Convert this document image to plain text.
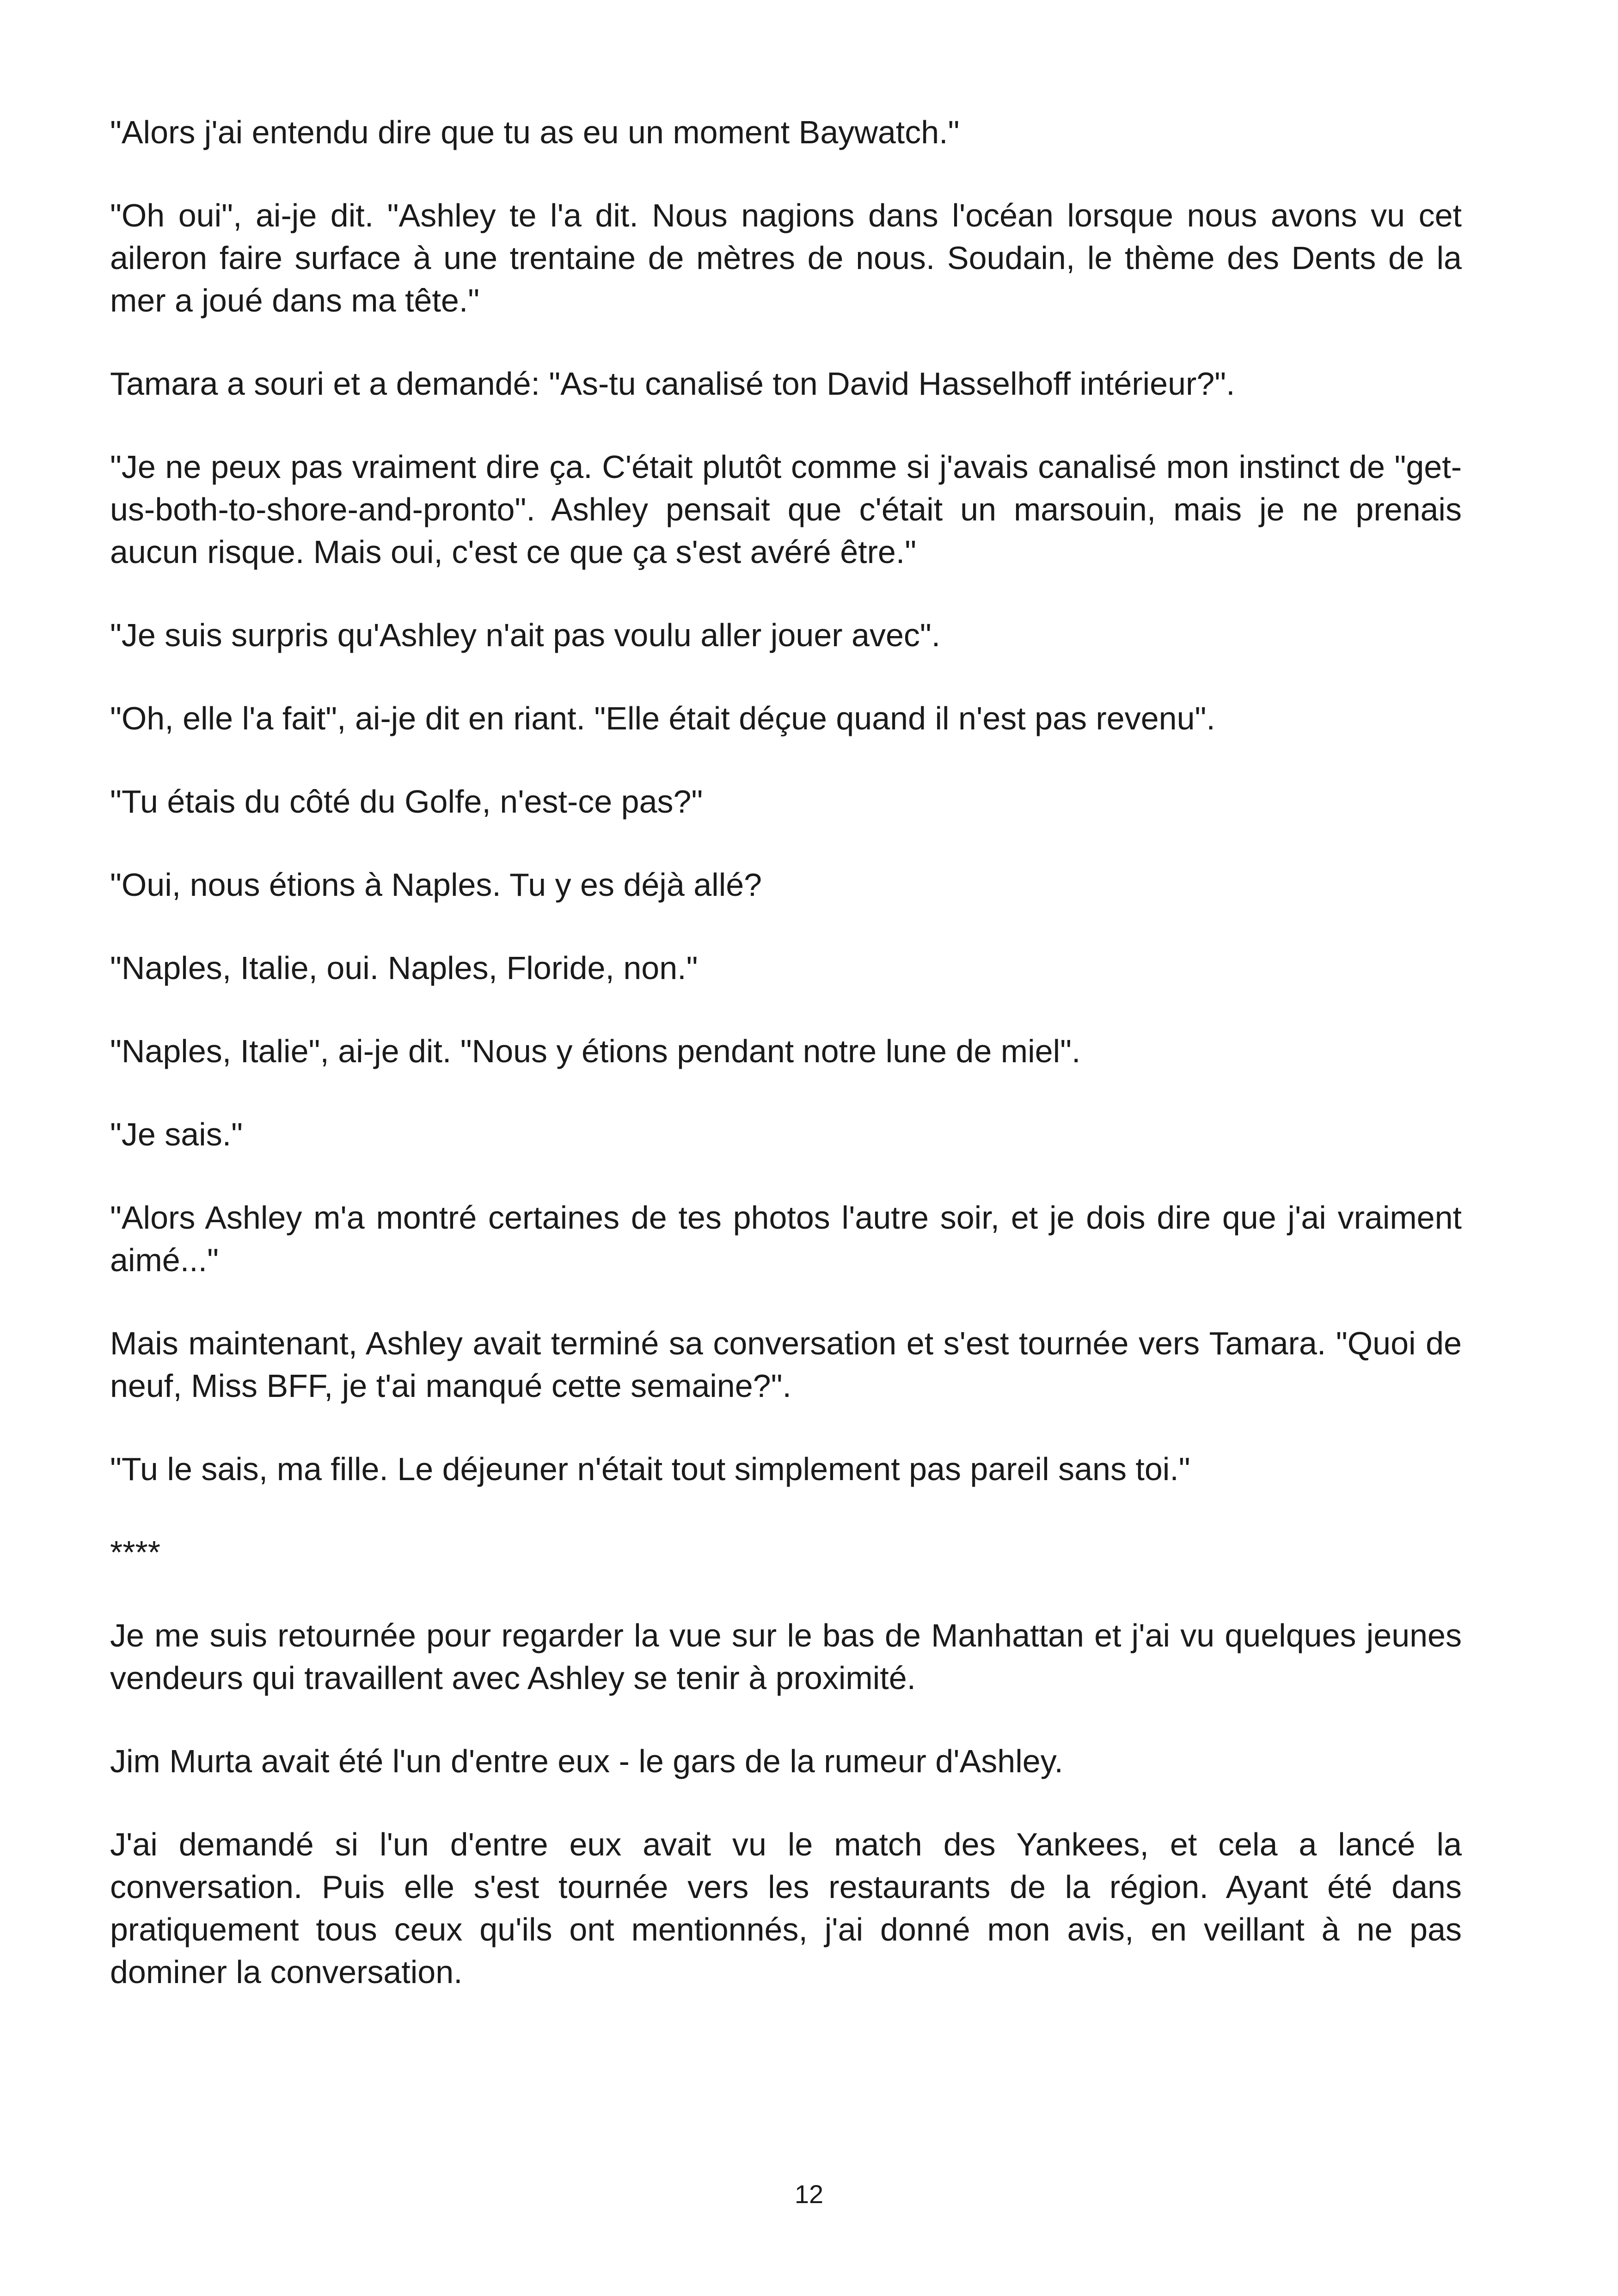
"Alors j'ai entendu dire que tu as eu un moment Baywatch."

"Oh oui", ai-je dit. "Ashley te l'a dit. Nous nagions dans l'océan lorsque nous avons vu cet aileron faire surface à une trentaine de mètres de nous. Soudain, le thème des Dents de la mer a joué dans ma tête."

Tamara a souri et a demandé: "As-tu canalisé ton David Hasselhoff intérieur?".

"Je ne peux pas vraiment dire ça. C'était plutôt comme si j'avais canalisé mon instinct de "get-us-both-to-shore-and-pronto". Ashley pensait que c'était un marsouin, mais je ne prenais aucun risque. Mais oui, c'est ce que ça s'est avéré être."

"Je suis surpris qu'Ashley n'ait pas voulu aller jouer avec".

"Oh, elle l'a fait", ai-je dit en riant. "Elle était déçue quand il n'est pas revenu".

"Tu étais du côté du Golfe, n'est-ce pas?"

"Oui, nous étions à Naples. Tu y es déjà allé?

"Naples, Italie, oui. Naples, Floride, non."

"Naples, Italie", ai-je dit. "Nous y étions pendant notre lune de miel".

"Je sais."

"Alors Ashley m'a montré certaines de tes photos l'autre soir, et je dois dire que j'ai vraiment aimé..."

Mais maintenant, Ashley avait terminé sa conversation et s'est tournée vers Tamara. "Quoi de neuf, Miss BFF, je t'ai manqué cette semaine?".

"Tu le sais, ma fille. Le déjeuner n'était tout simplement pas pareil sans toi."

****

Je me suis retournée pour regarder la vue sur le bas de Manhattan et j'ai vu quelques jeunes vendeurs qui travaillent avec Ashley se tenir à proximité.

Jim Murta avait été l'un d'entre eux - le gars de la rumeur d'Ashley.

J'ai demandé si l'un d'entre eux avait vu le match des Yankees, et cela a lancé la conversation. Puis elle s'est tournée vers les restaurants de la région. Ayant été dans pratiquement tous ceux qu'ils ont mentionnés, j'ai donné mon avis, en veillant à ne pas dominer la conversation.

12
